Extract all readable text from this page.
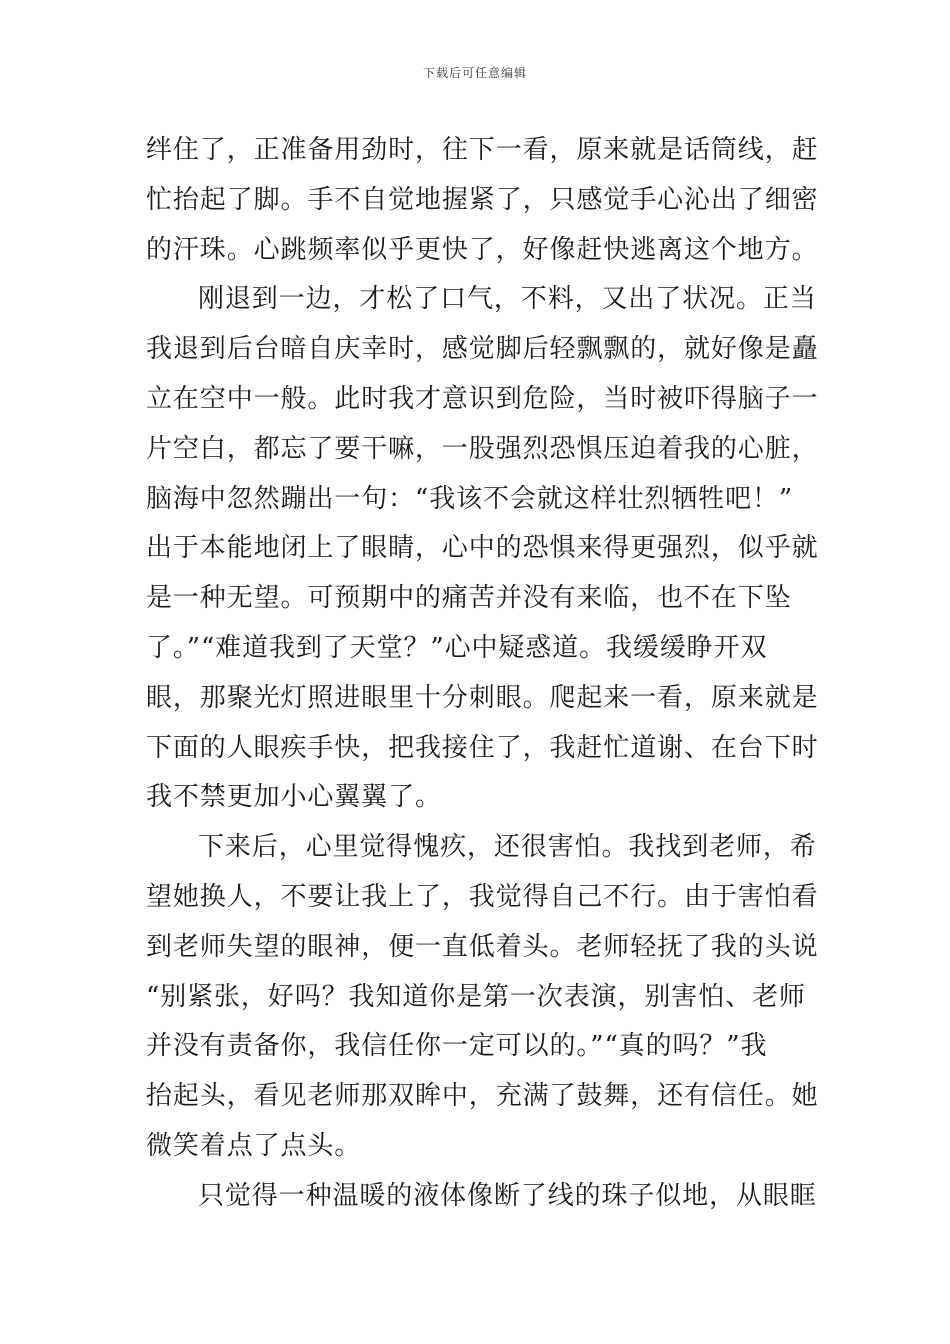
下载后可任意编辑
绊住了，正准备用劲时，往下一看，原来就是话筒线，赶
忙抬起了脚。手不自觉地握紧了，只感觉手心沁出了细密
的汗珠。心跳频率似乎更快了，好像赶快逃离这个地方。
刚退到一边，才松了口气，不料，又出了状况。正当
我退到后台暗自庆幸时，感觉脚后轻飘飘的，就好像是矗
立在空中一般。此时我才意识到危险，当时被吓得脑子一
片空白，都忘了要干嘛，一股强烈恐惧压迫着我的心脏，
脑海中忽然蹦出一句：“我该不会就这样壮烈牺牲吧！”
出于本能地闭上了眼睛，心中的恐惧来得更强烈，似乎就
是一种无望。可预期中的痛苦并没有来临，也不在下坠
了。”“难道我到了天堂？”心中疑惑道。我缓缓睁开双
眼，那聚光灯照进眼里十分刺眼。爬起来一看，原来就是
下面的人眼疾手快，把我接住了，我赶忙道谢、在台下时
我不禁更加小心翼翼了。
下来后，心里觉得愧疚，还很害怕。我找到老师，希
望她换人，不要让我上了，我觉得自己不行。由于害怕看
到老师失望的眼神，便一直低着头。老师轻抚了我的头说
“别紧张，好吗？我知道你是第一次表演，别害怕、老师
并没有责备你，我信任你一定可以的。”“真的吗？”我
抬起头，看见老师那双眸中，充满了鼓舞，还有信任。她
微笑着点了点头。
只觉得一种温暖的液体像断了线的珠子似地，从眼眶
